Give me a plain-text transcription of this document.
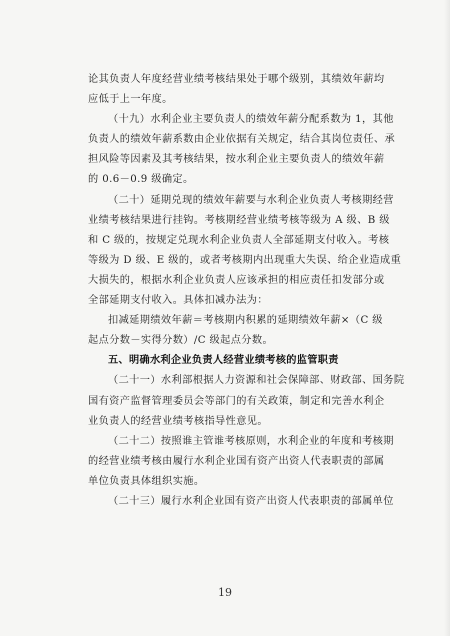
论其负责人年度经营业绩考核结果处于哪个级别，其绩效年薪均
应低于上一年度。

（十九）水利企业主要负责人的绩效年薪分配系数为 1，其他
负责人的绩效年薪系数由企业依据有关规定，结合其岗位责任、承
担风险等因素及其考核结果，按水利企业主要负责人的绩效年薪
的 0.6－0.9 级确定。

（二十）延期兑现的绩效年薪要与水利企业负责人考核期经营
业绩考核结果进行挂钩。考核期经营业绩考核等级为 A 级、B 级
和 C 级的，按规定兑现水利企业负责人全部延期支付收入。考核
等级为 D 级、E 级的，或者考核期内出现重大失误、给企业造成重
大损失的，根据水利企业负责人应该承担的相应责任扣发部分或
全部延期支付收入。具体扣减办法为：

扣减延期绩效年薪＝考核期内积累的延期绩效年薪×（C 级
起点分数－实得分数）/C 级起点分数。

五、明确水利企业负责人经营业绩考核的监管职责

（二十一）水利部根据人力资源和社会保障部、财政部、国务院
国有资产监督管理委员会等部门的有关政策，制定和完善水利企
业负责人的经营业绩考核指导性意见。

（二十二）按照谁主管谁考核原则，水利企业的年度和考核期
的经营业绩考核由履行水利企业国有资产出资人代表职责的部属
单位负责具体组织实施。

（二十三）履行水利企业国有资产出资人代表职责的部属单位

19
